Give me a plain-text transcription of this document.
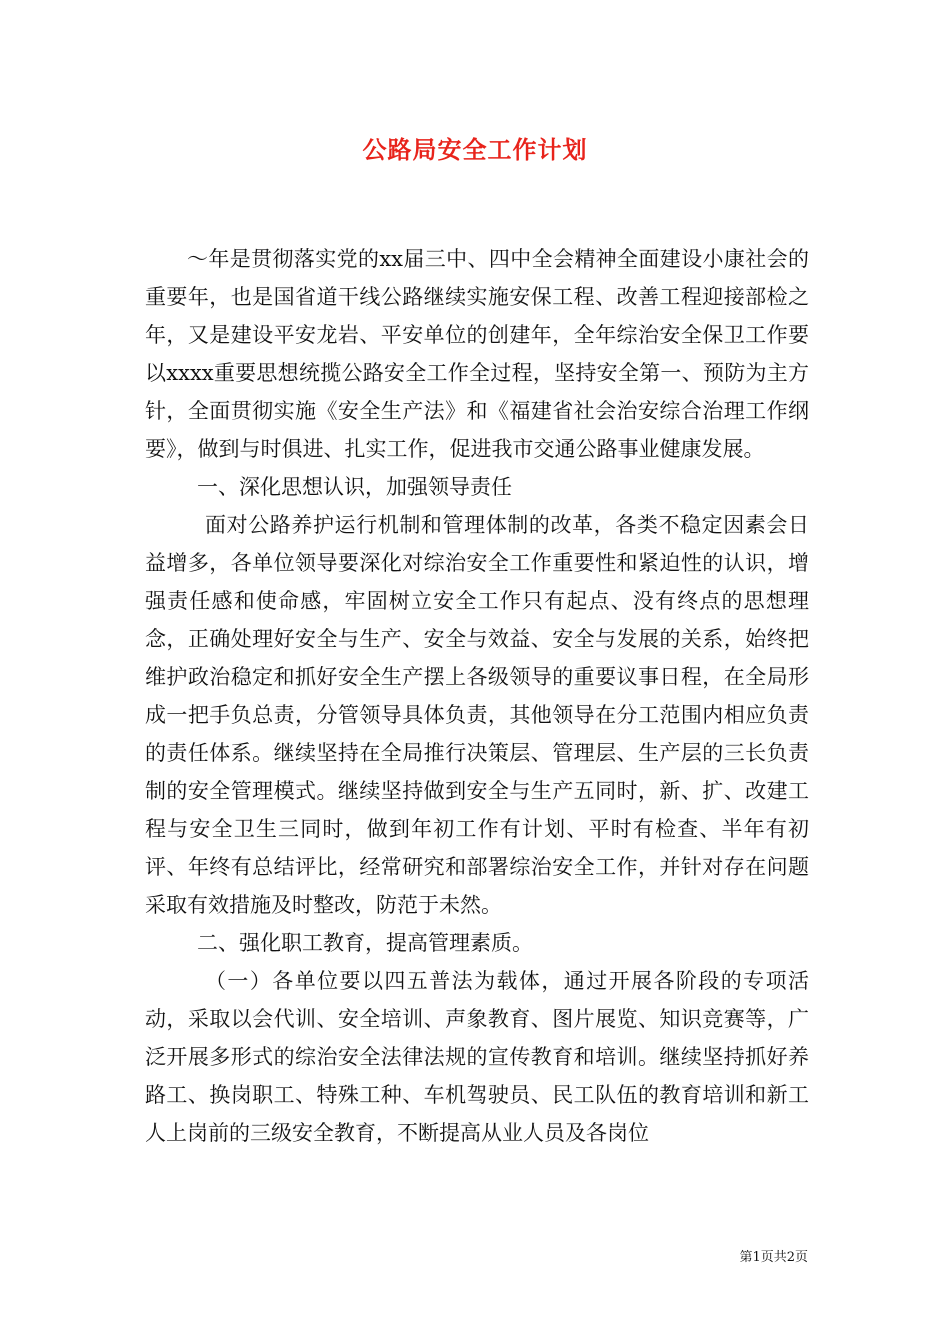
公路局安全工作计划

～年是贯彻落实党的xx届三中、四中全会精神全面建设小康社会的重要年，也是国省道干线公路继续实施安保工程、改善工程迎接部检之年，又是建设平安龙岩、平安单位的创建年，全年综治安全保卫工作要以xxxx重要思想统揽公路安全工作全过程，坚持安全第一、预防为主方针，全面贯彻实施《安全生产法》和《福建省社会治安综合治理工作纲要》，做到与时俱进、扎实工作，促进我市交通公路事业健康发展。

一、深化思想认识，加强领导责任

面对公路养护运行机制和管理体制的改革，各类不稳定因素会日益增多，各单位领导要深化对综治安全工作重要性和紧迫性的认识，增强责任感和使命感，牢固树立安全工作只有起点、没有终点的思想理念，正确处理好安全与生产、安全与效益、安全与发展的关系，始终把维护政治稳定和抓好安全生产摆上各级领导的重要议事日程，在全局形成一把手负总责，分管领导具体负责，其他领导在分工范围内相应负责的责任体系。继续坚持在全局推行决策层、管理层、生产层的三长负责制的安全管理模式。继续坚持做到安全与生产五同时，新、扩、改建工程与安全卫生三同时，做到年初工作有计划、平时有检查、半年有初评、年终有总结评比，经常研究和部署综治安全工作，并针对存在问题采取有效措施及时整改，防范于未然。

二、强化职工教育，提高管理素质。

（一）各单位要以四五普法为载体，通过开展各阶段的专项活动，采取以会代训、安全培训、声象教育、图片展览、知识竞赛等，广泛开展多形式的综治安全法律法规的宣传教育和培训。继续坚持抓好养路工、换岗职工、特殊工种、车机驾驶员、民工队伍的教育培训和新工人上岗前的三级安全教育，不断提高从业人员及各岗位

第1页共2页
